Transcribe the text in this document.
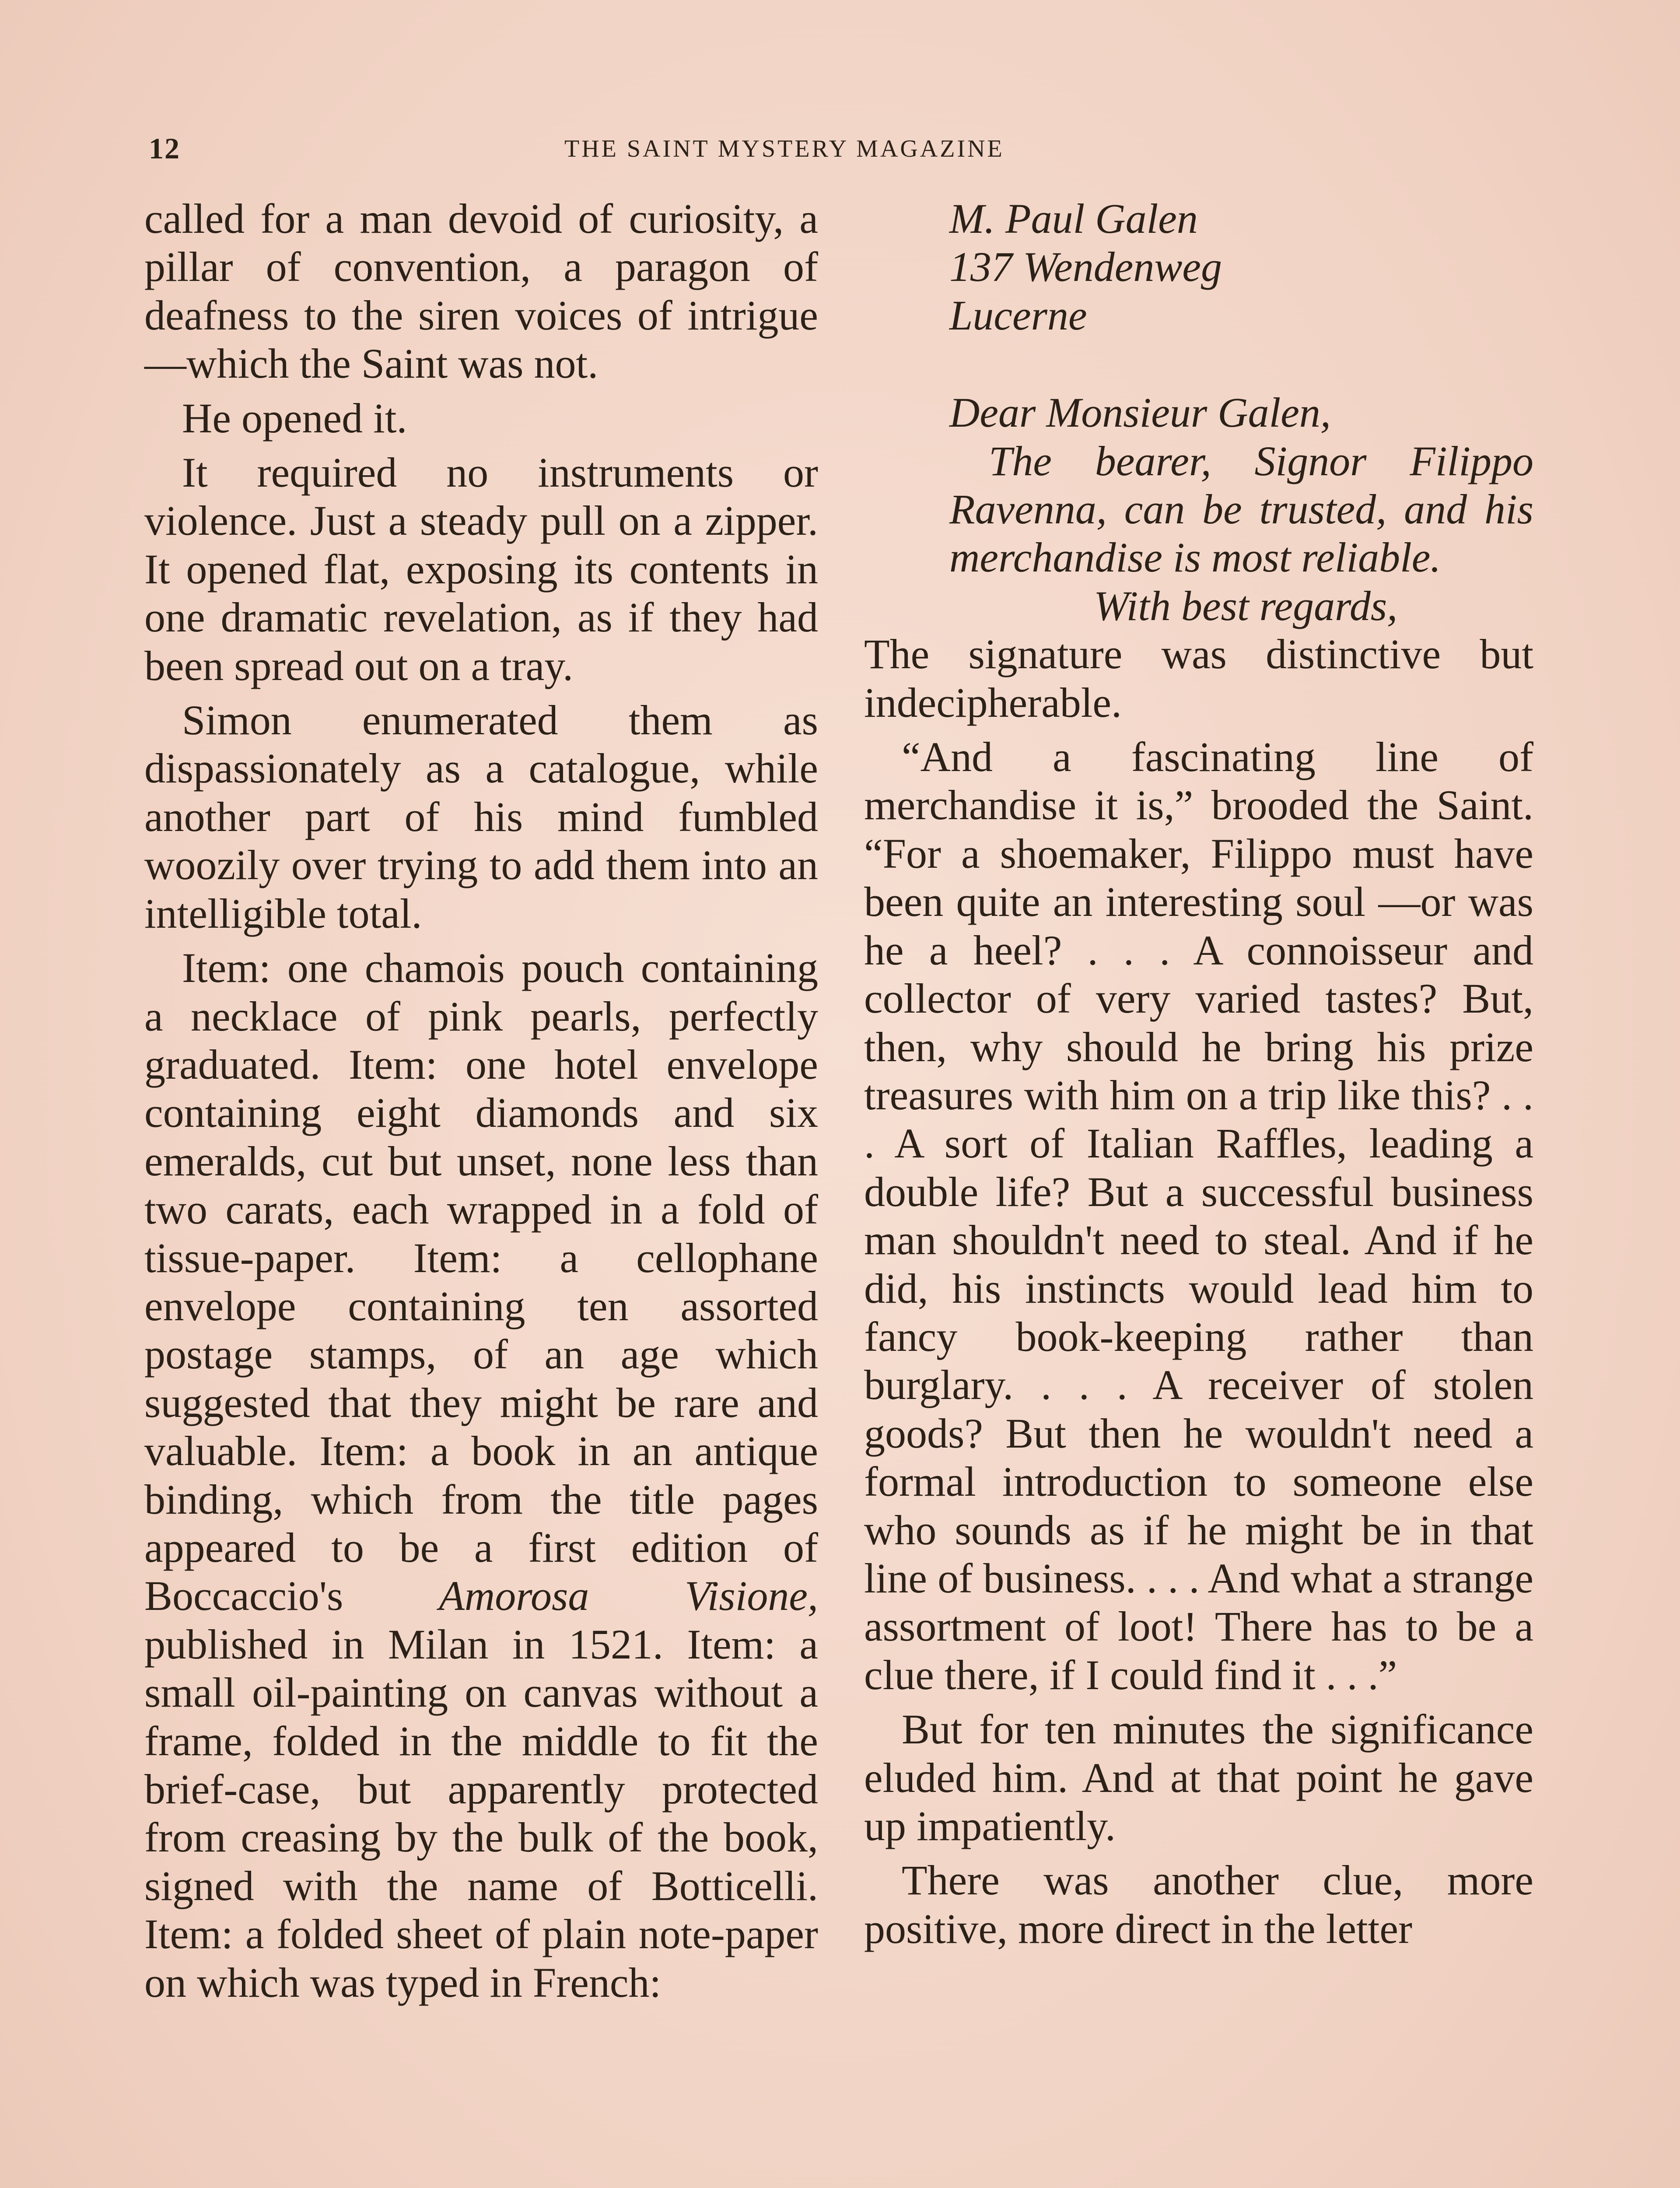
12	THE SAINT MYSTERY MAGAZINE

called for a man devoid of curiosity, a pillar of convention, a paragon of deafness to the siren voices of intrigue—which the Saint was not.

He opened it.

It required no instruments or violence. Just a steady pull on a zipper. It opened flat, exposing its contents in one dramatic revelation, as if they had been spread out on a tray.

Simon enumerated them as dispassionately as a catalogue, while another part of his mind fumbled woozily over trying to add them into an intelligible total.

Item: one chamois pouch containing a necklace of pink pearls, perfectly graduated. Item: one hotel envelope containing eight diamonds and six emeralds, cut but unset, none less than two carats, each wrapped in a fold of tissue-paper. Item: a cellophane envelope containing ten assorted postage stamps, of an age which suggested that they might be rare and valuable. Item: a book in an antique binding, which from the title pages appeared to be a first edition of Boccaccio's Amorosa Visione, published in Milan in 1521. Item: a small oil-painting on canvas without a frame, folded in the middle to fit the brief-case, but apparently protected from creasing by the bulk of the book, signed with the name of Botticelli. Item: a folded sheet of plain note-paper on which was typed in French:

M. Paul Galen

137 Wendenweg

Lucerne

Dear Monsieur Galen,

The bearer, Signor Filippo Ravenna, can be trusted, and his merchandise is most reliable.

With best regards,

The signature was distinctive but indecipherable.

“And a fascinating line of merchandise it is,” brooded the Saint. “For a shoemaker, Filippo must have been quite an interesting soul —or was he a heel? . . . A connoisseur and collector of very varied tastes? But, then, why should he bring his prize treasures with him on a trip like this? . . . A sort of Italian Raffles, leading a double life? But a successful business man shouldn't need to steal. And if he did, his instincts would lead him to fancy book-keeping rather than burglary. . . . A receiver of stolen goods? But then he wouldn't need a formal introduction to someone else who sounds as if he might be in that line of business. . . . And what a strange assortment of loot! There has to be a clue there, if I could find it . . .”

But for ten minutes the significance eluded him. And at that point he gave up impatiently.

There was another clue, more positive, more direct in the letter
